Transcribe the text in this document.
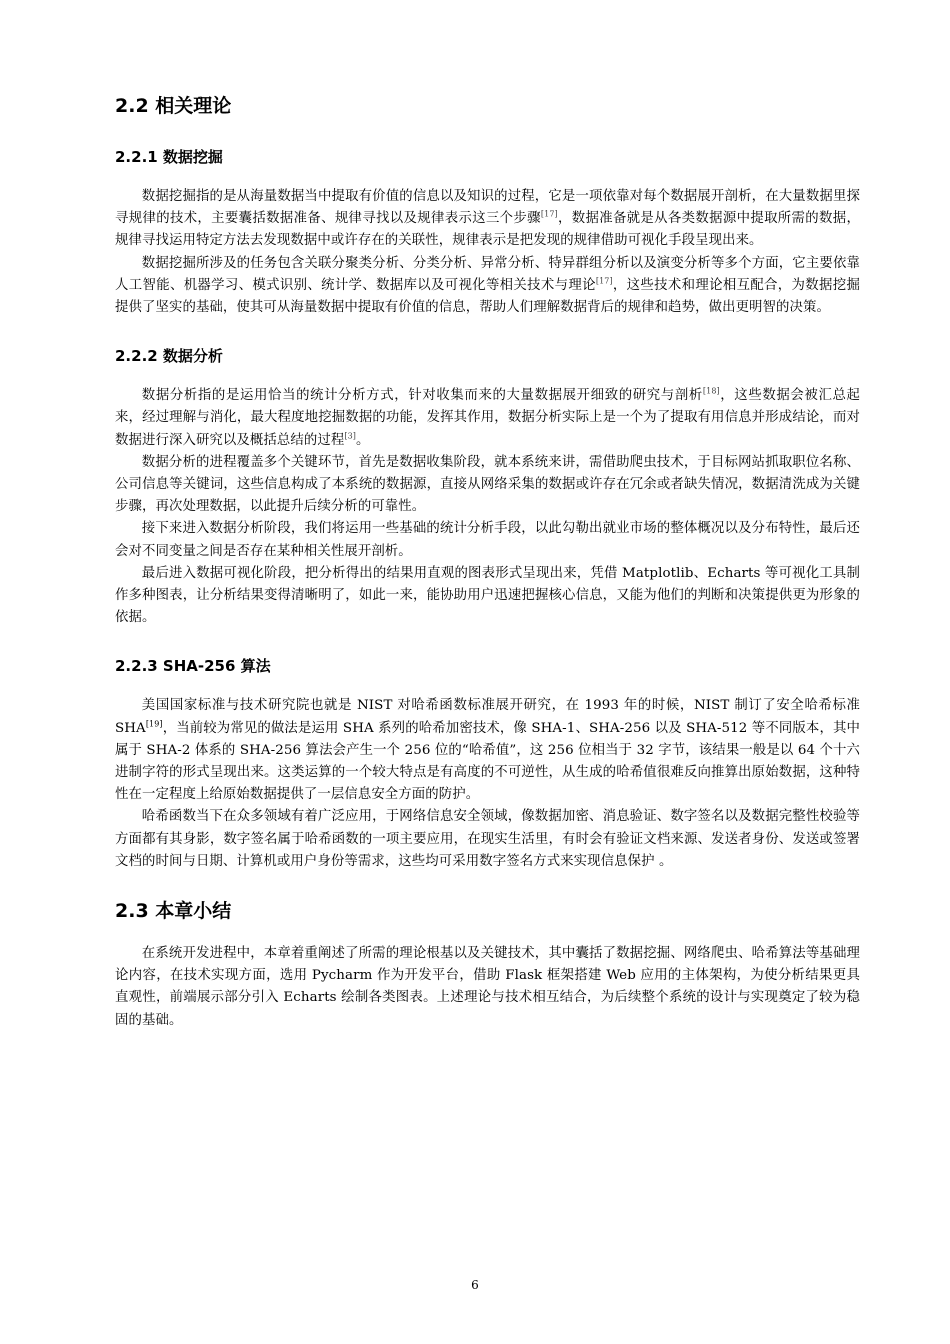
2.2 相关理论
2.2.1 数据挖掘

数据挖掘指的是从海量数据当中提取有价值的信息以及知识的过程，它是一项依靠对每个数据展开剖析，在大量数据里探寻规律的技术，主要囊括数据准备、规律寻找以及规律表示这三个步骤[17]，数据准备就是从各类数据源中提取所需的数据，规律寻找运用特定方法去发现数据中或许存在的关联性，规律表示是把发现的规律借助可视化手段呈现出来。

数据挖掘所涉及的任务包含关联分聚类分析、分类分析、异常分析、特异群组分析以及演变分析等多个方面，它主要依靠人工智能、机器学习、模式识别、统计学、数据库以及可视化等相关技术与理论[17]，这些技术和理论相互配合，为数据挖掘提供了坚实的基础，使其可从海量数据中提取有价值的信息，帮助人们理解数据背后的规律和趋势，做出更明智的决策。

2.2.2 数据分析

数据分析指的是运用恰当的统计分析方式，针对收集而来的大量数据展开细致的研究与剖析[18]，这些数据会被汇总起来，经过理解与消化，最大程度地挖掘数据的功能，发挥其作用，数据分析实际上是一个为了提取有用信息并形成结论，而对数据进行深入研究以及概括总结的过程[3]。

数据分析的进程覆盖多个关键环节，首先是数据收集阶段，就本系统来讲，需借助爬虫技术，于目标网站抓取职位名称、公司信息等关键词，这些信息构成了本系统的数据源，直接从网络采集的数据或许存在冗余或者缺失情况，数据清洗成为关键步骤，再次处理数据，以此提升后续分析的可靠性。

接下来进入数据分析阶段，我们将运用一些基础的统计分析手段，以此勾勒出就业市场的整体概况以及分布特性，最后还会对不同变量之间是否存在某种相关性展开剖析。

最后进入数据可视化阶段，把分析得出的结果用直观的图表形式呈现出来，凭借 Matplotlib、Echarts 等可视化工具制作多种图表，让分析结果变得清晰明了，如此一来，能协助用户迅速把握核心信息，又能为他们的判断和决策提供更为形象的依据。

2.2.3 SHA-256 算法

美国国家标准与技术研究院也就是 NIST 对哈希函数标准展开研究，在 1993 年的时候，NIST 制订了安全哈希标准 SHA[19]，当前较为常见的做法是运用 SHA 系列的哈希加密技术，像 SHA-1、SHA-256 以及 SHA-512 等不同版本，其中属于 SHA-2 体系的 SHA-256 算法会产生一个 256 位的“哈希值”，这 256 位相当于 32 字节，该结果一般是以 64 个十六进制字符的形式呈现出来。这类运算的一个较大特点是有高度的不可逆性，从生成的哈希值很难反向推算出原始数据，这种特性在一定程度上给原始数据提供了一层信息安全方面的防护。

哈希函数当下在众多领域有着广泛应用，于网络信息安全领域，像数据加密、消息验证、数字签名以及数据完整性校验等方面都有其身影，数字签名属于哈希函数的一项主要应用，在现实生活里，有时会有验证文档来源、发送者身份、发送或签署文档的时间与日期、计算机或用户身份等需求，这些均可采用数字签名方式来实现信息保护 。

2.3 本章小结

在系统开发进程中，本章着重阐述了所需的理论根基以及关键技术，其中囊括了数据挖掘、网络爬虫、哈希算法等基础理论内容，在技术实现方面，选用 Pycharm 作为开发平台，借助 Flask 框架搭建 Web 应用的主体架构，为使分析结果更具直观性，前端展示部分引入 Echarts 绘制各类图表。上述理论与技术相互结合，为后续整个系统的设计与实现奠定了较为稳固的基础。

6
